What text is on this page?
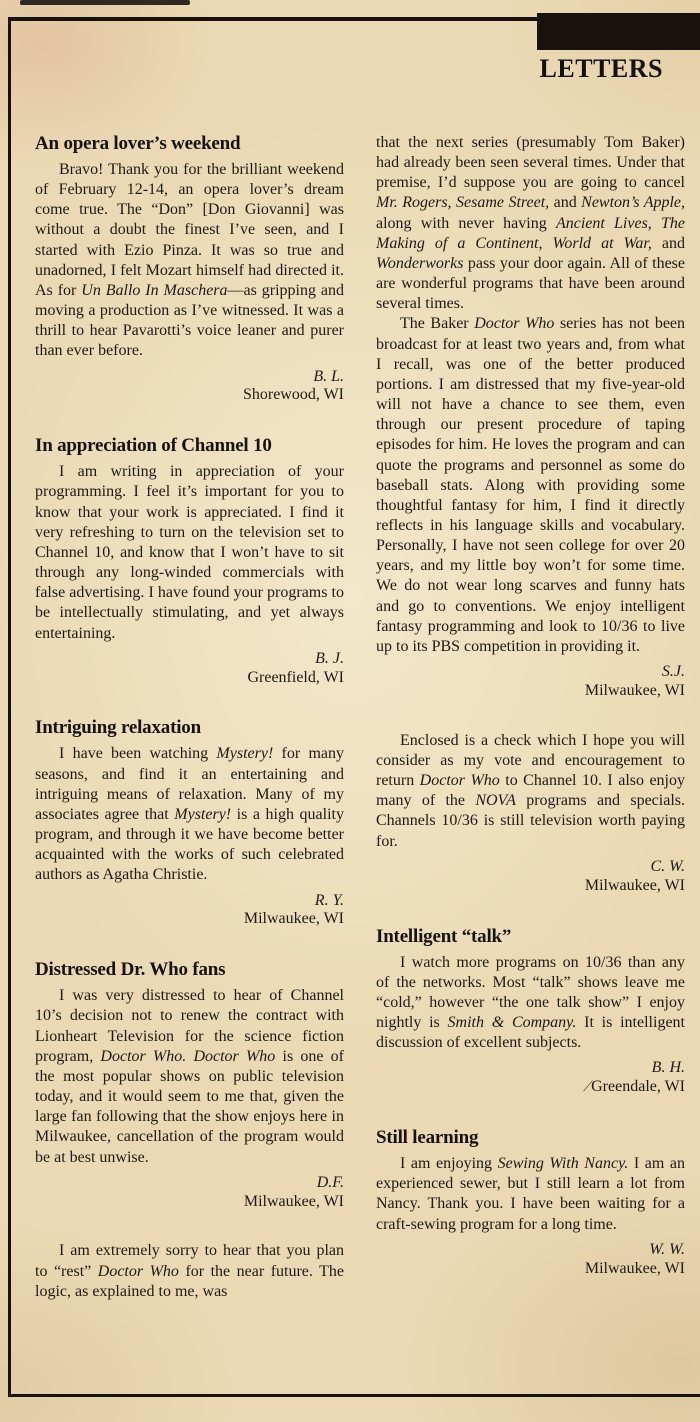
LETTERS
An opera lover’s weekend

Bravo! Thank you for the brilliant weekend of February 12-14, an opera lover’s dream come true. The “Don” [Don Giovanni] was without a doubt the finest I’ve seen, and I started with Ezio Pinza. It was so true and unadorned, I felt Mozart himself had directed it. As for Un Ballo In Maschera—as gripping and moving a production as I’ve witnessed. It was a thrill to hear Pavarotti’s voice leaner and purer than ever before.

B. L.
Shorewood, WI
In appreciation of Channel 10

I am writing in appreciation of your programming. I feel it’s important for you to know that your work is appreciated. I find it very refreshing to turn on the television set to Channel 10, and know that I won’t have to sit through any long-winded commercials with false advertising. I have found your programs to be intellectually stimulating, and yet always entertaining.

B. J.
Greenfield, WI
Intriguing relaxation

I have been watching Mystery! for many seasons, and find it an entertaining and intriguing means of relaxation. Many of my associates agree that Mystery! is a high quality program, and through it we have become better acquainted with the works of such celebrated authors as Agatha Christie.

R. Y.
Milwaukee, WI
Distressed Dr. Who fans

I was very distressed to hear of Channel 10’s decision not to renew the contract with Lionheart Television for the science fiction program, Doctor Who. Doctor Who is one of the most popular shows on public television today, and it would seem to me that, given the large fan following that the show enjoys here in Milwaukee, cancellation of the program would be at best unwise.

D.F.
Milwaukee, WI

I am extremely sorry to hear that you plan to “rest” Doctor Who for the near future. The logic, as explained to me, was

that the next series (presumably Tom Baker) had already been seen several times. Under that premise, I’d suppose you are going to cancel Mr. Rogers, Sesame Street, and Newton’s Apple, along with never having Ancient Lives, The Making of a Continent, World at War, and Wonderworks pass your door again. All of these are wonderful programs that have been around several times.

The Baker Doctor Who series has not been broadcast for at least two years and, from what I recall, was one of the better produced portions. I am distressed that my five-year-old will not have a chance to see them, even through our present procedure of taping episodes for him. He loves the program and can quote the programs and personnel as some do baseball stats. Along with providing some thoughtful fantasy for him, I find it directly reflects in his language skills and vocabulary. Personally, I have not seen college for over 20 years, and my little boy won’t for some time. We do not wear long scarves and funny hats and go to conventions. We enjoy intelligent fantasy programming and look to 10/36 to live up to its PBS competition in providing it.

S.J.
Milwaukee, WI

Enclosed is a check which I hope you will consider as my vote and encouragement to return Doctor Who to Channel 10. I also enjoy many of the NOVA programs and specials. Channels 10/36 is still television worth paying for.

C. W.
Milwaukee, WI
Intelligent “talk”

I watch more programs on 10/36 than any of the networks. Most “talk” shows leave me “cold,” however “the one talk show” I enjoy nightly is Smith & Company. It is intelligent discussion of excellent subjects.

B. H.
/Greendale, WI
Still learning

I am enjoying Sewing With Nancy. I am an experienced sewer, but I still learn a lot from Nancy. Thank you. I have been waiting for a craft-sewing program for a long time.

W. W.
Milwaukee, WI
